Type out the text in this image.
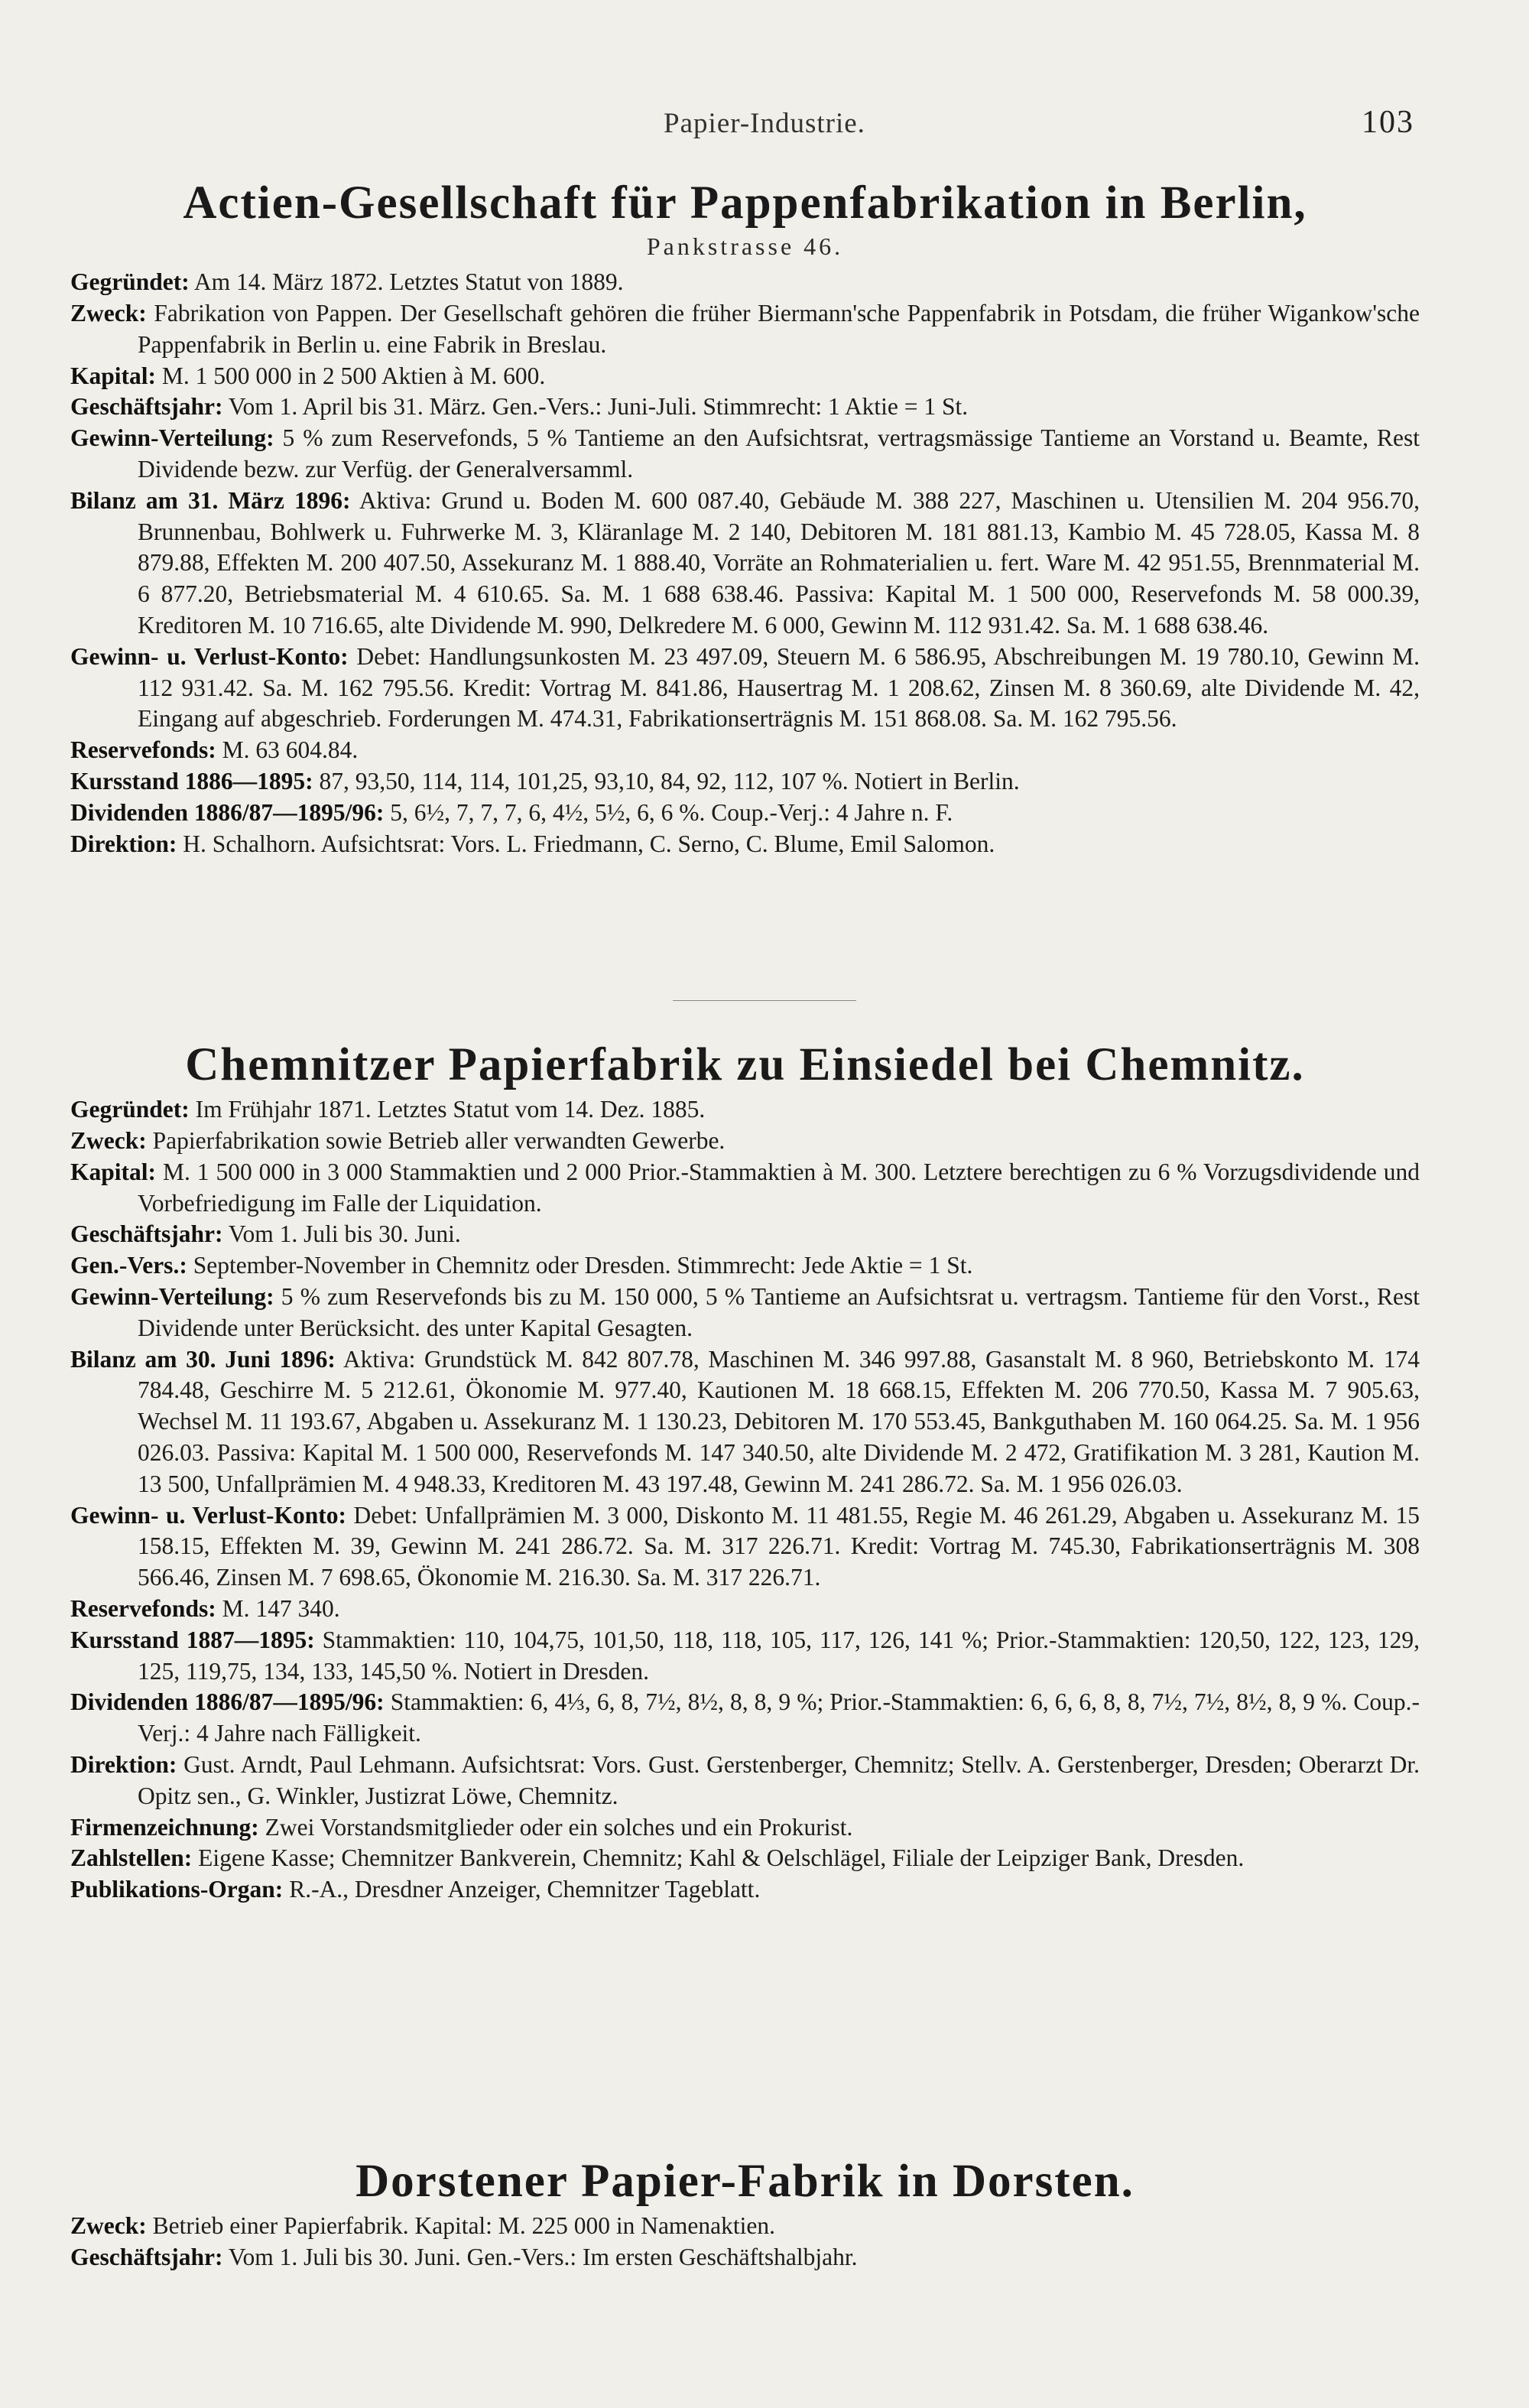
Papier-Industrie.	103
Actien-Gesellschaft für Pappenfabrikation in Berlin,
Pankstrasse 46.

Gegründet: Am 14. März 1872. Letztes Statut von 1889.

Zweck: Fabrikation von Pappen. Der Gesellschaft gehören die früher Biermann'sche Pappenfabrik in Potsdam, die früher Wigankow'sche Pappenfabrik in Berlin u. eine Fabrik in Breslau.

Kapital: M. 1 500 000 in 2 500 Aktien à M. 600.

Geschäftsjahr: Vom 1. April bis 31. März. Gen.-Vers.: Juni-Juli. Stimmrecht: 1 Aktie = 1 St.

Gewinn-Verteilung: 5 % zum Reservefonds, 5 % Tantieme an den Aufsichtsrat, vertragsmässige Tantieme an Vorstand u. Beamte, Rest Dividende bezw. zur Verfüg. der Generalversamml.

Bilanz am 31. März 1896: Aktiva: Grund u. Boden M. 600 087.40, Gebäude M. 388 227, Maschinen u. Utensilien M. 204 956.70, Brunnenbau, Bohlwerk u. Fuhrwerke M. 3, Kläranlage M. 2 140, Debitoren M. 181 881.13, Kambio M. 45 728.05, Kassa M. 8 879.88, Effekten M. 200 407.50, Assekuranz M. 1 888.40, Vorräte an Rohmaterialien u. fert. Ware M. 42 951.55, Brennmaterial M. 6 877.20, Betriebsmaterial M. 4 610.65. Sa. M. 1 688 638.46. Passiva: Kapital M. 1 500 000, Reservefonds M. 58 000.39, Kreditoren M. 10 716.65, alte Dividende M. 990, Delkredere M. 6 000, Gewinn M. 112 931.42. Sa. M. 1 688 638.46.

Gewinn- u. Verlust-Konto: Debet: Handlungsunkosten M. 23 497.09, Steuern M. 6 586.95, Abschreibungen M. 19 780.10, Gewinn M. 112 931.42. Sa. M. 162 795.56. Kredit: Vortrag M. 841.86, Hausertrag M. 1 208.62, Zinsen M. 8 360.69, alte Dividende M. 42, Eingang auf abgeschrieb. Forderungen M. 474.31, Fabrikationserträgnis M. 151 868.08. Sa. M. 162 795.56.

Reservefonds: M. 63 604.84.

Kursstand 1886—1895: 87, 93,50, 114, 114, 101,25, 93,10, 84, 92, 112, 107 %. Notiert in Berlin.

Dividenden 1886/87—1895/96: 5, 6½, 7, 7, 7, 6, 4½, 5½, 6, 6 %. Coup.-Verj.: 4 Jahre n. F.

Direktion: H. Schalhorn. Aufsichtsrat: Vors. L. Friedmann, C. Serno, C. Blume, Emil Salomon.

Chemnitzer Papierfabrik zu Einsiedel bei Chemnitz.

Gegründet: Im Frühjahr 1871. Letztes Statut vom 14. Dez. 1885.

Zweck: Papierfabrikation sowie Betrieb aller verwandten Gewerbe.

Kapital: M. 1 500 000 in 3 000 Stammaktien und 2 000 Prior.-Stammaktien à M. 300. Letztere berechtigen zu 6 % Vorzugsdividende und Vorbefriedigung im Falle der Liquidation.

Geschäftsjahr: Vom 1. Juli bis 30. Juni.

Gen.-Vers.: September-November in Chemnitz oder Dresden. Stimmrecht: Jede Aktie = 1 St.

Gewinn-Verteilung: 5 % zum Reservefonds bis zu M. 150 000, 5 % Tantieme an Aufsichtsrat u. vertragsm. Tantieme für den Vorst., Rest Dividende unter Berücksicht. des unter Kapital Gesagten.

Bilanz am 30. Juni 1896: Aktiva: Grundstück M. 842 807.78, Maschinen M. 346 997.88, Gasanstalt M. 8 960, Betriebskonto M. 174 784.48, Geschirre M. 5 212.61, Ökonomie M. 977.40, Kautionen M. 18 668.15, Effekten M. 206 770.50, Kassa M. 7 905.63, Wechsel M. 11 193.67, Abgaben u. Assekuranz M. 1 130.23, Debitoren M. 170 553.45, Bankguthaben M. 160 064.25. Sa. M. 1 956 026.03. Passiva: Kapital M. 1 500 000, Reservefonds M. 147 340.50, alte Dividende M. 2 472, Gratifikation M. 3 281, Kaution M. 13 500, Unfallprämien M. 4 948.33, Kreditoren M. 43 197.48, Gewinn M. 241 286.72. Sa. M. 1 956 026.03.

Gewinn- u. Verlust-Konto: Debet: Unfallprämien M. 3 000, Diskonto M. 11 481.55, Regie M. 46 261.29, Abgaben u. Assekuranz M. 15 158.15, Effekten M. 39, Gewinn M. 241 286.72. Sa. M. 317 226.71. Kredit: Vortrag M. 745.30, Fabrikationserträgnis M. 308 566.46, Zinsen M. 7 698.65, Ökonomie M. 216.30. Sa. M. 317 226.71.

Reservefonds: M. 147 340.

Kursstand 1887—1895: Stammaktien: 110, 104,75, 101,50, 118, 118, 105, 117, 126, 141 %; Prior.-Stammaktien: 120,50, 122, 123, 129, 125, 119,75, 134, 133, 145,50 %. Notiert in Dresden.

Dividenden 1886/87—1895/96: Stammaktien: 6, 4⅓, 6, 8, 7½, 8½, 8, 8, 9 %; Prior.-Stammaktien: 6, 6, 6, 8, 8, 7½, 7½, 8½, 8, 9 %. Coup.-Verj.: 4 Jahre nach Fälligkeit.

Direktion: Gust. Arndt, Paul Lehmann. Aufsichtsrat: Vors. Gust. Gerstenberger, Chemnitz; Stellv. A. Gerstenberger, Dresden; Oberarzt Dr. Opitz sen., G. Winkler, Justizrat Löwe, Chemnitz.

Firmenzeichnung: Zwei Vorstandsmitglieder oder ein solches und ein Prokurist.

Zahlstellen: Eigene Kasse; Chemnitzer Bankverein, Chemnitz; Kahl & Oelschlägel, Filiale der Leipziger Bank, Dresden.

Publikations-Organ: R.-A., Dresdner Anzeiger, Chemnitzer Tageblatt.

Dorstener Papier-Fabrik in Dorsten.

Zweck: Betrieb einer Papierfabrik. Kapital: M. 225 000 in Namenaktien.

Geschäftsjahr: Vom 1. Juli bis 30. Juni. Gen.-Vers.: Im ersten Geschäftshalbjahr.
